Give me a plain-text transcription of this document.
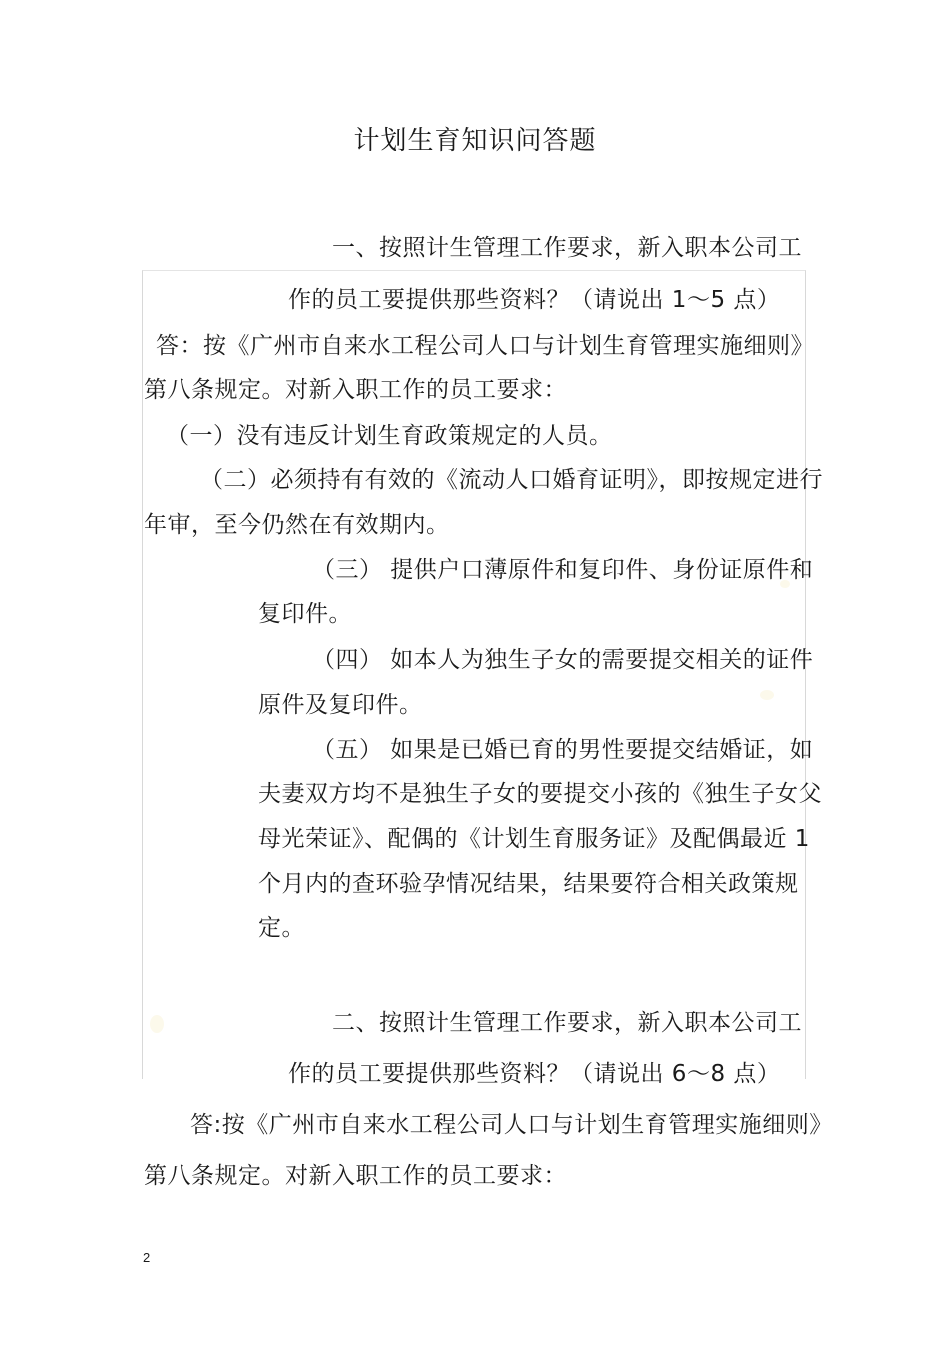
计划生育知识问答题
一、按照计生管理工作要求，新入职本公司工
作的员工要提供那些资料？（请说出 1～5 点）
答：按《广州市自来水工程公司人口与计划生育管理实施细则》
第八条规定。对新入职工作的员工要求：
（一）没有违反计划生育政策规定的人员。
（二）必须持有有效的《流动人口婚育证明》，即按规定进行
年审，至今仍然在有效期内。
（三） 提供户口薄原件和复印件、身份证原件和
复印件。
（四） 如本人为独生子女的需要提交相关的证件
原件及复印件。
（五） 如果是已婚已育的男性要提交结婚证，如
夫妻双方均不是独生子女的要提交小孩的《独生子女父
母光荣证》、配偶的《计划生育服务证》及配偶最近 1
个月内的查环验孕情况结果，结果要符合相关政策规
定。
二、按照计生管理工作要求，新入职本公司工
作的员工要提供那些资料？（请说出 6～8 点）
答:按《广州市自来水工程公司人口与计划生育管理实施细则》
第八条规定。对新入职工作的员工要求：
2
